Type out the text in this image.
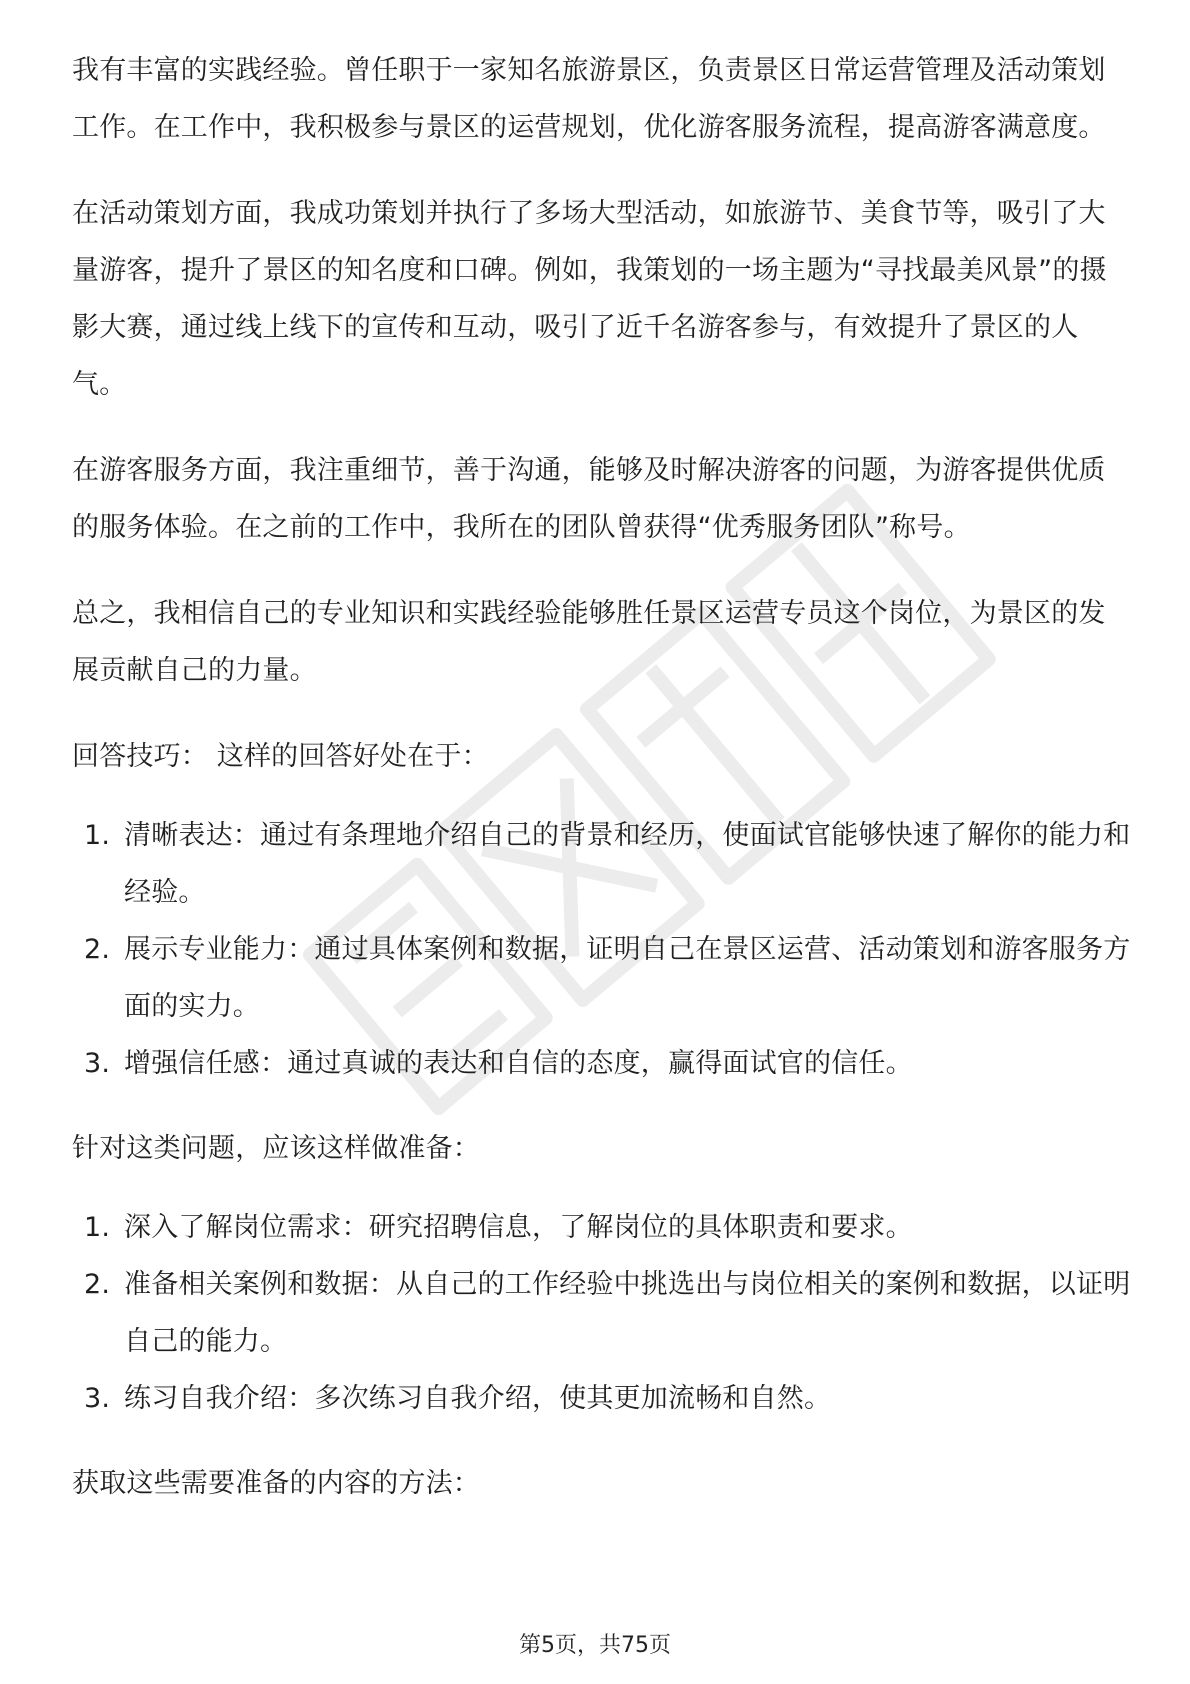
我有丰富的实践经验。曾任职于一家知名旅游景区，负责景区日常运营管理及活动策划工作。在工作中，我积极参与景区的运营规划，优化游客服务流程，提高游客满意度。

在活动策划方面，我成功策划并执行了多场大型活动，如旅游节、美食节等，吸引了大量游客，提升了景区的知名度和口碑。例如，我策划的一场主题为“寻找最美风景”的摄影大赛，通过线上线下的宣传和互动，吸引了近千名游客参与，有效提升了景区的人气。

在游客服务方面，我注重细节，善于沟通，能够及时解决游客的问题，为游客提供优质的服务体验。在之前的工作中，我所在的团队曾获得“优秀服务团队”称号。

总之，我相信自己的专业知识和实践经验能够胜任景区运营专员这个岗位，为景区的发展贡献自己的力量。

回答技巧： 这样的回答好处在于：

1. 清晰表达：通过有条理地介绍自己的背景和经历，使面试官能够快速了解你的能力和经验。
2. 展示专业能力：通过具体案例和数据，证明自己在景区运营、活动策划和游客服务方面的实力。
3. 增强信任感：通过真诚的表达和自信的态度，赢得面试官的信任。

针对这类问题，应该这样做准备：

1. 深入了解岗位需求：研究招聘信息，了解岗位的具体职责和要求。
2. 准备相关案例和数据：从自己的工作经验中挑选出与岗位相关的案例和数据，以证明自己的能力。
3. 练习自我介绍：多次练习自我介绍，使其更加流畅和自然。

获取这些需要准备的内容的方法：

第5页，共75页
